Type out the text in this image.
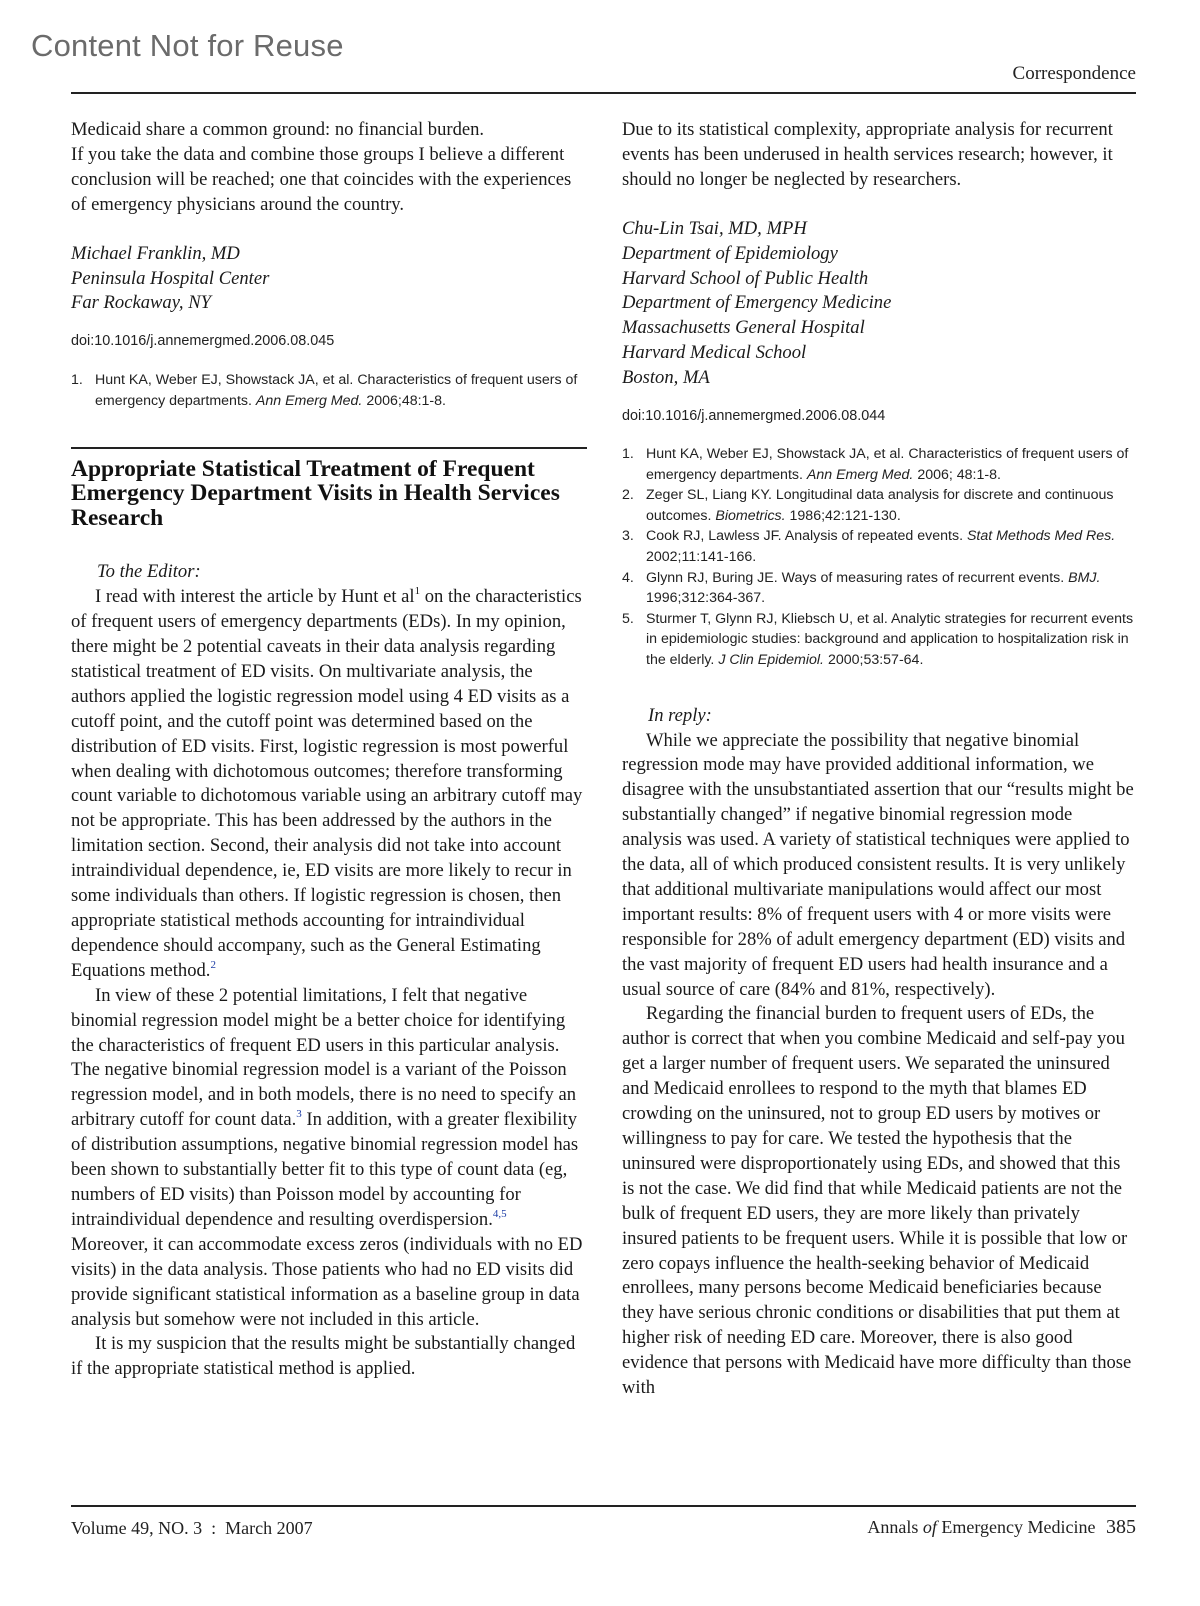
Content Not for Reuse
Correspondence

Medicaid share a common ground: no financial burden.

If you take the data and combine those groups I believe a different conclusion will be reached; one that coincides with the experiences of emergency physicians around the country.

Michael Franklin, MD

Peninsula Hospital Center

Far Rockaway, NY

doi:10.1016/j.annemergmed.2006.08.045

1. Hunt KA, Weber EJ, Showstack JA, et al. Characteristics of frequent users of emergency departments. Ann Emerg Med. 2006;48:1-8.
Appropriate Statistical Treatment of Frequent Emergency Department Visits in Health Services Research

To the Editor:

I read with interest the article by Hunt et $al^1$ on the characteristics of frequent users of emergency departments (EDs). In my opinion, there might be 2 potential caveats in their data analysis regarding statistical treatment of ED visits. On multivariate analysis, the authors applied the logistic regression model using 4 ED visits as a cutoff point, and the cutoff point was determined based on the distribution of ED visits. First, logistic regression is most powerful when dealing with dichotomous outcomes; therefore transforming count variable to dichotomous variable using an arbitrary cutoff may not be appropriate. This has been addressed by the authors in the limitation section. Second, their analysis did not take into account intraindividual dependence, ie, ED visits are more likely to recur in some individuals than others. If logistic regression is chosen, then appropriate statistical methods accounting for intraindividual dependence should accompany, such as the General Estimating Equations method.$^2$

In view of these 2 potential limitations, I felt that negative binomial regression model might be a better choice for identifying the characteristics of frequent ED users in this particular analysis. The negative binomial regression model is a variant of the Poisson regression model, and in both models, there is no need to specify an arbitrary cutoff for count data.$^3$ In addition, with a greater flexibility of distribution assumptions, negative binomial regression model has been shown to substantially better fit to this type of count data (eg, numbers of ED visits) than Poisson model by accounting for intraindividual dependence and resulting overdispersion.$^{4,5}$ Moreover, it can accommodate excess zeros (individuals with no ED visits) in the data analysis. Those patients who had no ED visits did provide significant statistical information as a baseline group in data analysis but somehow were not included in this article.

It is my suspicion that the results might be substantially changed if the appropriate statistical method is applied.

Due to its statistical complexity, appropriate analysis for recurrent events has been underused in health services research; however, it should no longer be neglected by researchers.

Chu-Lin Tsai, MD, MPH

Department of Epidemiology

Harvard School of Public Health

Department of Emergency Medicine

Massachusetts General Hospital

Harvard Medical School

Boston, MA

doi:10.1016/j.annemergmed.2006.08.044

1. Hunt KA, Weber EJ, Showstack JA, et al. Characteristics of frequent users of emergency departments. Ann Emerg Med. 2006; 48:1-8.
2. Zeger SL, Liang KY. Longitudinal data analysis for discrete and continuous outcomes. Biometrics. 1986;42:121-130.
3. Cook RJ, Lawless JF. Analysis of repeated events. Stat Methods Med Res. 2002;11:141-166.
4. Glynn RJ, Buring JE. Ways of measuring rates of recurrent events. BMJ. 1996;312:364-367.
5. Sturmer T, Glynn RJ, Kliebsch U, et al. Analytic strategies for recurrent events in epidemiologic studies: background and application to hospitalization risk in the elderly. J Clin Epidemiol. 2000;53:57-64.

In reply:

While we appreciate the possibility that negative binomial regression mode may have provided additional information, we disagree with the unsubstantiated assertion that our “results might be substantially changed” if negative binomial regression mode analysis was used. A variety of statistical techniques were applied to the data, all of which produced consistent results. It is very unlikely that additional multivariate manipulations would affect our most important results: 8% of frequent users with 4 or more visits were responsible for 28% of adult emergency department (ED) visits and the vast majority of frequent ED users had health insurance and a usual source of care (84% and 81%, respectively).

Regarding the financial burden to frequent users of EDs, the author is correct that when you combine Medicaid and self-pay you get a larger number of frequent users. We separated the uninsured and Medicaid enrollees to respond to the myth that blames ED crowding on the uninsured, not to group ED users by motives or willingness to pay for care. We tested the hypothesis that the uninsured were disproportionately using EDs, and showed that this is not the case. We did find that while Medicaid patients are not the bulk of frequent ED users, they are more likely than privately insured patients to be frequent users. While it is possible that low or zero copays influence the health-seeking behavior of Medicaid enrollees, many persons become Medicaid beneficiaries because they have serious chronic conditions or disabilities that put them at higher risk of needing ED care. Moreover, there is also good evidence that persons with Medicaid have more difficulty than those with

Volume 49, NO. 3  :  March 2007	Annals of Emergency Medicine 385
